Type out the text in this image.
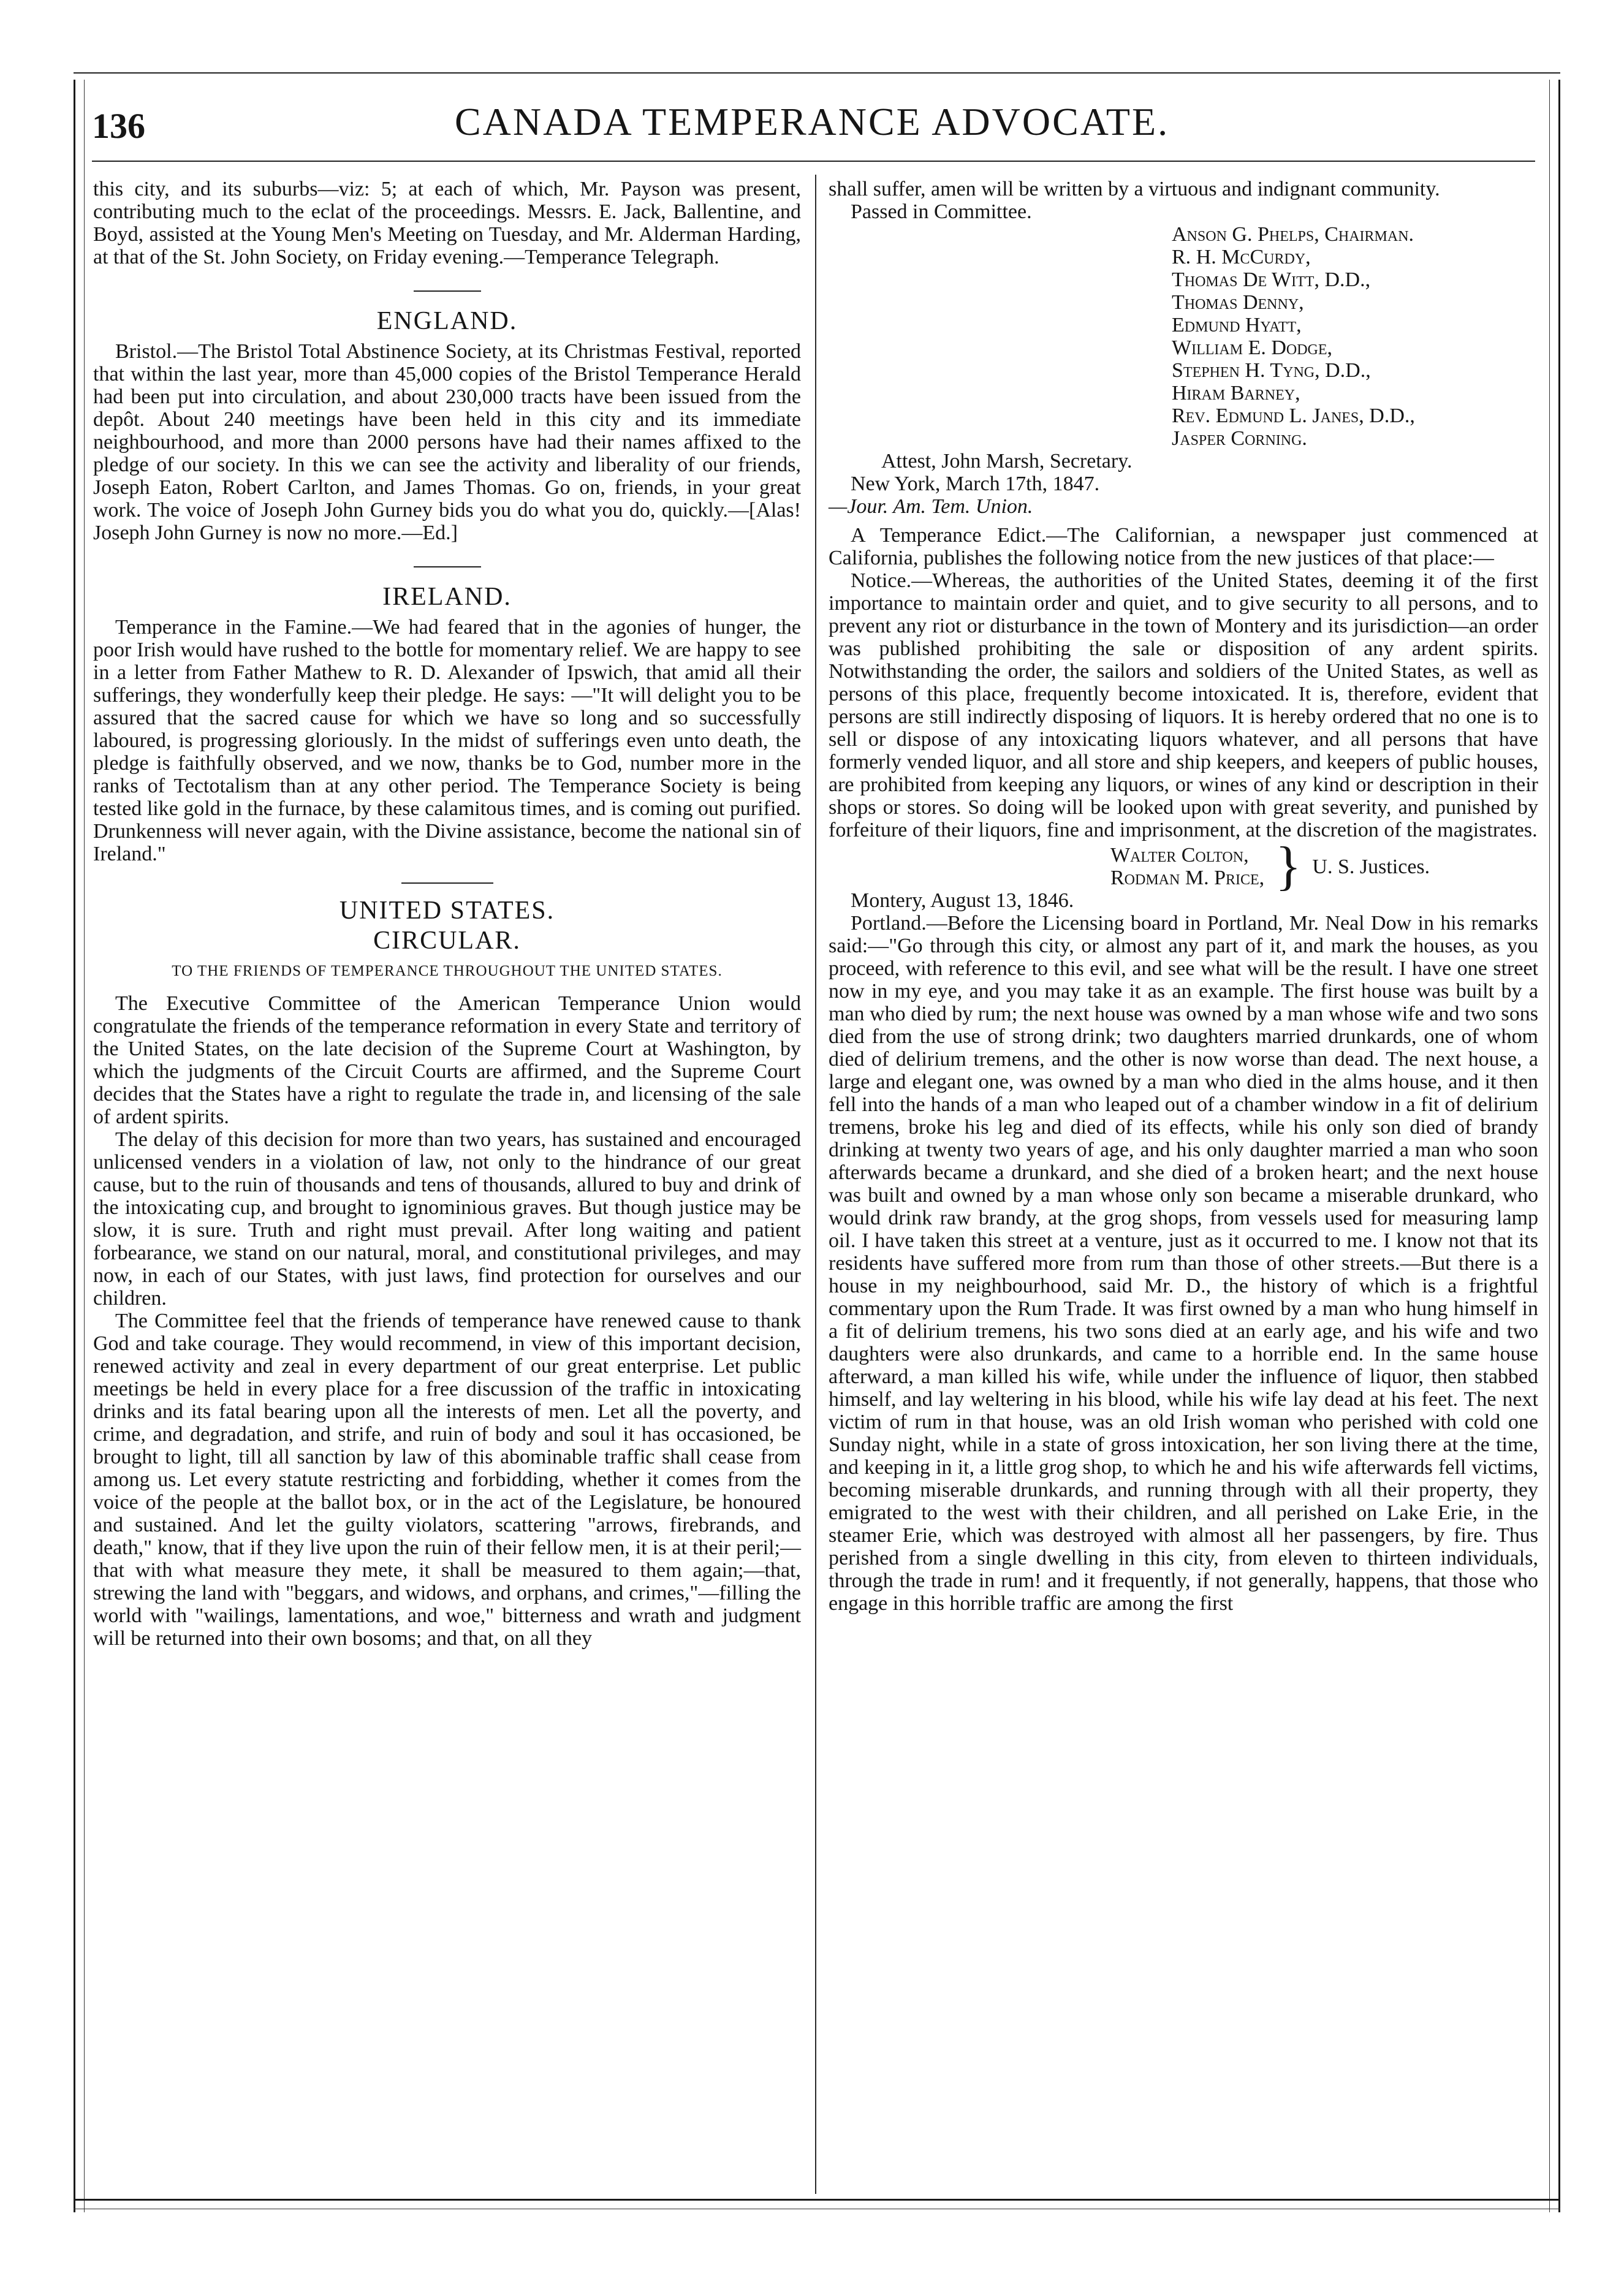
136	CANADA TEMPERANCE ADVOCATE.

this city, and its suburbs—viz: 5; at each of which, Mr. Payson was present, contributing much to the eclat of the proceedings. Messrs. E. Jack, Ballentine, and Boyd, assisted at the Young Men's Meeting on Tuesday, and Mr. Alderman Harding, at that of the St. John Society, on Friday evening.—Temperance Telegraph.

ENGLAND.

Bristol.—The Bristol Total Abstinence Society, at its Christmas Festival, reported that within the last year, more than 45,000 copies of the Bristol Temperance Herald had been put into circulation, and about 230,000 tracts have been issued from the depôt. About 240 meetings have been held in this city and its immediate neighbourhood, and more than 2000 persons have had their names affixed to the pledge of our society. In this we can see the activity and liberality of our friends, Joseph Eaton, Robert Carlton, and James Thomas. Go on, friends, in your great work. The voice of Joseph John Gurney bids you do what you do, quickly.—[Alas! Joseph John Gurney is now no more.—Ed.]

IRELAND.

Temperance in the Famine.—We had feared that in the agonies of hunger, the poor Irish would have rushed to the bottle for momentary relief. We are happy to see in a letter from Father Mathew to R. D. Alexander of Ipswich, that amid all their sufferings, they wonderfully keep their pledge. He says: —"It will delight you to be assured that the sacred cause for which we have so long and so successfully laboured, is progressing gloriously. In the midst of sufferings even unto death, the pledge is faithfully observed, and we now, thanks be to God, number more in the ranks of Tectotalism than at any other period. The Temperance Society is being tested like gold in the furnace, by these calamitous times, and is coming out purified. Drunkenness will never again, with the Divine assistance, become the national sin of Ireland."

UNITED STATES.
CIRCULAR.
TO THE FRIENDS OF TEMPERANCE THROUGHOUT THE UNITED STATES.

The Executive Committee of the American Temperance Union would congratulate the friends of the temperance reformation in every State and territory of the United States, on the late decision of the Supreme Court at Washington, by which the judgments of the Circuit Courts are affirmed, and the Supreme Court decides that the States have a right to regulate the trade in, and licensing of the sale of ardent spirits.

The delay of this decision for more than two years, has sustained and encouraged unlicensed venders in a violation of law, not only to the hindrance of our great cause, but to the ruin of thousands and tens of thousands, allured to buy and drink of the intoxicating cup, and brought to ignominious graves. But though justice may be slow, it is sure. Truth and right must prevail. After long waiting and patient forbearance, we stand on our natural, moral, and constitutional privileges, and may now, in each of our States, with just laws, find protection for ourselves and our children.

The Committee feel that the friends of temperance have renewed cause to thank God and take courage. They would recommend, in view of this important decision, renewed activity and zeal in every department of our great enterprise. Let public meetings be held in every place for a free discussion of the traffic in intoxicating drinks and its fatal bearing upon all the interests of men. Let all the poverty, and crime, and degradation, and strife, and ruin of body and soul it has occasioned, be brought to light, till all sanction by law of this abominable traffic shall cease from among us. Let every statute restricting and forbidding, whether it comes from the voice of the people at the ballot box, or in the act of the Legislature, be honoured and sustained. And let the guilty violators, scattering "arrows, firebrands, and death," know, that if they live upon the ruin of their fellow men, it is at their peril;—that with what measure they mete, it shall be measured to them again;—that, strewing the land with "beggars, and widows, and orphans, and crimes,"—filling the world with "wailings, lamentations, and woe," bitterness and wrath and judgment will be returned into their own bosoms; and that, on all they

shall suffer, amen will be written by a virtuous and indignant community.

Passed in Committee.

Anson G. Phelps, Chairman.
R. H. McCurdy,
Thomas De Witt, D.D.,
Thomas Denny,
Edmund Hyatt,
William E. Dodge,
Stephen H. Tyng, D.D.,
Hiram Barney,
Rev. Edmund L. Janes, D.D.,
Jasper Corning.

Attest, John Marsh, Secretary.

New York, March 17th, 1847.

—Jour. Am. Tem. Union.

A Temperance Edict.—The Californian, a newspaper just commenced at California, publishes the following notice from the new justices of that place:—

Notice.—Whereas, the authorities of the United States, deeming it of the first importance to maintain order and quiet, and to give security to all persons, and to prevent any riot or disturbance in the town of Montery and its jurisdiction—an order was published prohibiting the sale or disposition of any ardent spirits. Notwithstanding the order, the sailors and soldiers of the United States, as well as persons of this place, frequently become intoxicated. It is, therefore, evident that persons are still indirectly disposing of liquors. It is hereby ordered that no one is to sell or dispose of any intoxicating liquors whatever, and all persons that have formerly vended liquor, and all store and ship keepers, and keepers of public houses, are prohibited from keeping any liquors, or wines of any kind or description in their shops or stores. So doing will be looked upon with great severity, and punished by forfeiture of their liquors, fine and imprisonment, at the discretion of the magistrates.

Walter Colton,
Rodman M. Price, } U. S. Justices.

Montery, August 13, 1846.

Portland.—Before the Licensing board in Portland, Mr. Neal Dow in his remarks said:—"Go through this city, or almost any part of it, and mark the houses, as you proceed, with reference to this evil, and see what will be the result. I have one street now in my eye, and you may take it as an example. The first house was built by a man who died by rum; the next house was owned by a man whose wife and two sons died from the use of strong drink; two daughters married drunkards, one of whom died of delirium tremens, and the other is now worse than dead. The next house, a large and elegant one, was owned by a man who died in the alms house, and it then fell into the hands of a man who leaped out of a chamber window in a fit of delirium tremens, broke his leg and died of its effects, while his only son died of brandy drinking at twenty two years of age, and his only daughter married a man who soon afterwards became a drunkard, and she died of a broken heart; and the next house was built and owned by a man whose only son became a miserable drunkard, who would drink raw brandy, at the grog shops, from vessels used for measuring lamp oil. I have taken this street at a venture, just as it occurred to me. I know not that its residents have suffered more from rum than those of other streets.—But there is a house in my neighbourhood, said Mr. D., the history of which is a frightful commentary upon the Rum Trade. It was first owned by a man who hung himself in a fit of delirium tremens, his two sons died at an early age, and his wife and two daughters were also drunkards, and came to a horrible end. In the same house afterward, a man killed his wife, while under the influence of liquor, then stabbed himself, and lay weltering in his blood, while his wife lay dead at his feet. The next victim of rum in that house, was an old Irish woman who perished with cold one Sunday night, while in a state of gross intoxication, her son living there at the time, and keeping in it, a little grog shop, to which he and his wife afterwards fell victims, becoming miserable drunkards, and running through with all their property, they emigrated to the west with their children, and all perished on Lake Erie, in the steamer Erie, which was destroyed with almost all her passengers, by fire. Thus perished from a single dwelling in this city, from eleven to thirteen individuals, through the trade in rum! and it frequently, if not generally, happens, that those who engage in this horrible traffic are among the first
